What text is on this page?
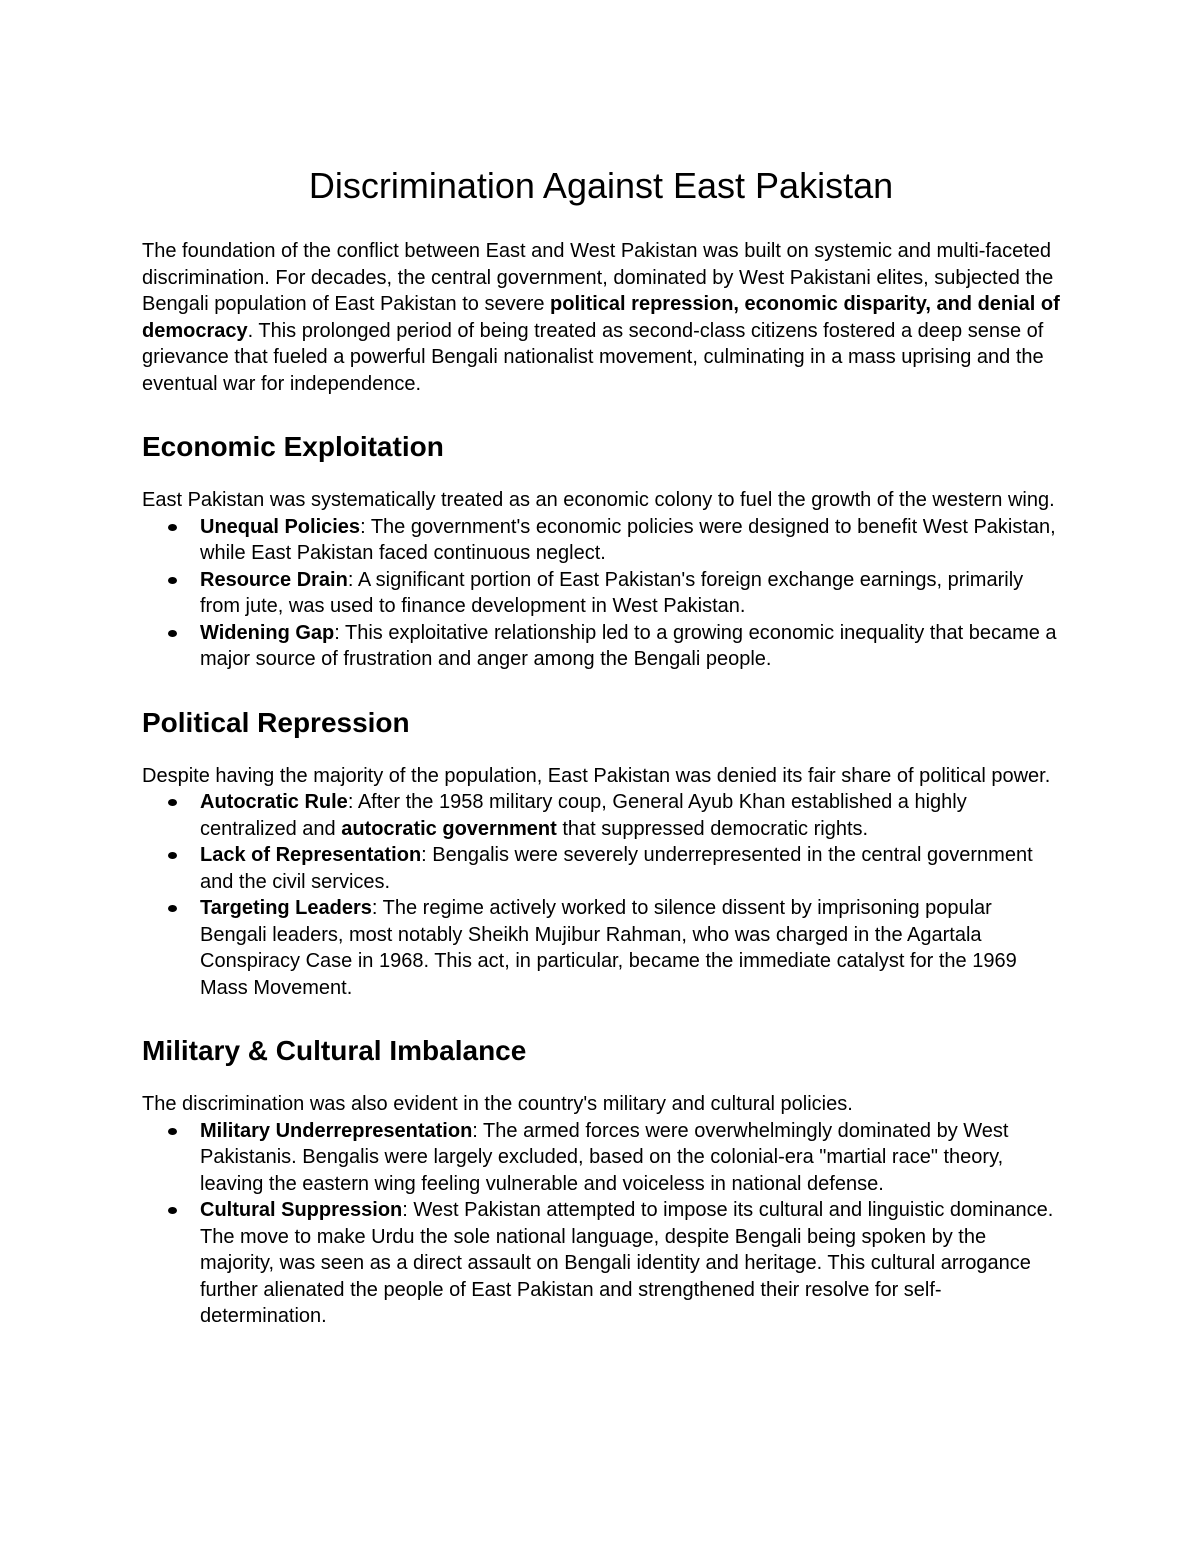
Discrimination Against East Pakistan

The foundation of the conflict between East and West Pakistan was built on systemic and multi-faceted discrimination. For decades, the central government, dominated by West Pakistani elites, subjected the Bengali population of East Pakistan to severe political repression, economic disparity, and denial of democracy. This prolonged period of being treated as second-class citizens fostered a deep sense of grievance that fueled a powerful Bengali nationalist movement, culminating in a mass uprising and the eventual war for independence.

Economic Exploitation

East Pakistan was systematically treated as an economic colony to fuel the growth of the western wing.

Unequal Policies: The government's economic policies were designed to benefit West Pakistan, while East Pakistan faced continuous neglect.
Resource Drain: A significant portion of East Pakistan's foreign exchange earnings, primarily from jute, was used to finance development in West Pakistan.
Widening Gap: This exploitative relationship led to a growing economic inequality that became a major source of frustration and anger among the Bengali people.
Political Repression

Despite having the majority of the population, East Pakistan was denied its fair share of political power.

Autocratic Rule: After the 1958 military coup, General Ayub Khan established a highly centralized and autocratic government that suppressed democratic rights.
Lack of Representation: Bengalis were severely underrepresented in the central government and the civil services.
Targeting Leaders: The regime actively worked to silence dissent by imprisoning popular Bengali leaders, most notably Sheikh Mujibur Rahman, who was charged in the Agartala Conspiracy Case in 1968. This act, in particular, became the immediate catalyst for the 1969 Mass Movement.
Military & Cultural Imbalance

The discrimination was also evident in the country's military and cultural policies.

Military Underrepresentation: The armed forces were overwhelmingly dominated by West Pakistanis. Bengalis were largely excluded, based on the colonial-era "martial race" theory, leaving the eastern wing feeling vulnerable and voiceless in national defense.
Cultural Suppression: West Pakistan attempted to impose its cultural and linguistic dominance. The move to make Urdu the sole national language, despite Bengali being spoken by the majority, was seen as a direct assault on Bengali identity and heritage. This cultural arrogance further alienated the people of East Pakistan and strengthened their resolve for self-determination.
